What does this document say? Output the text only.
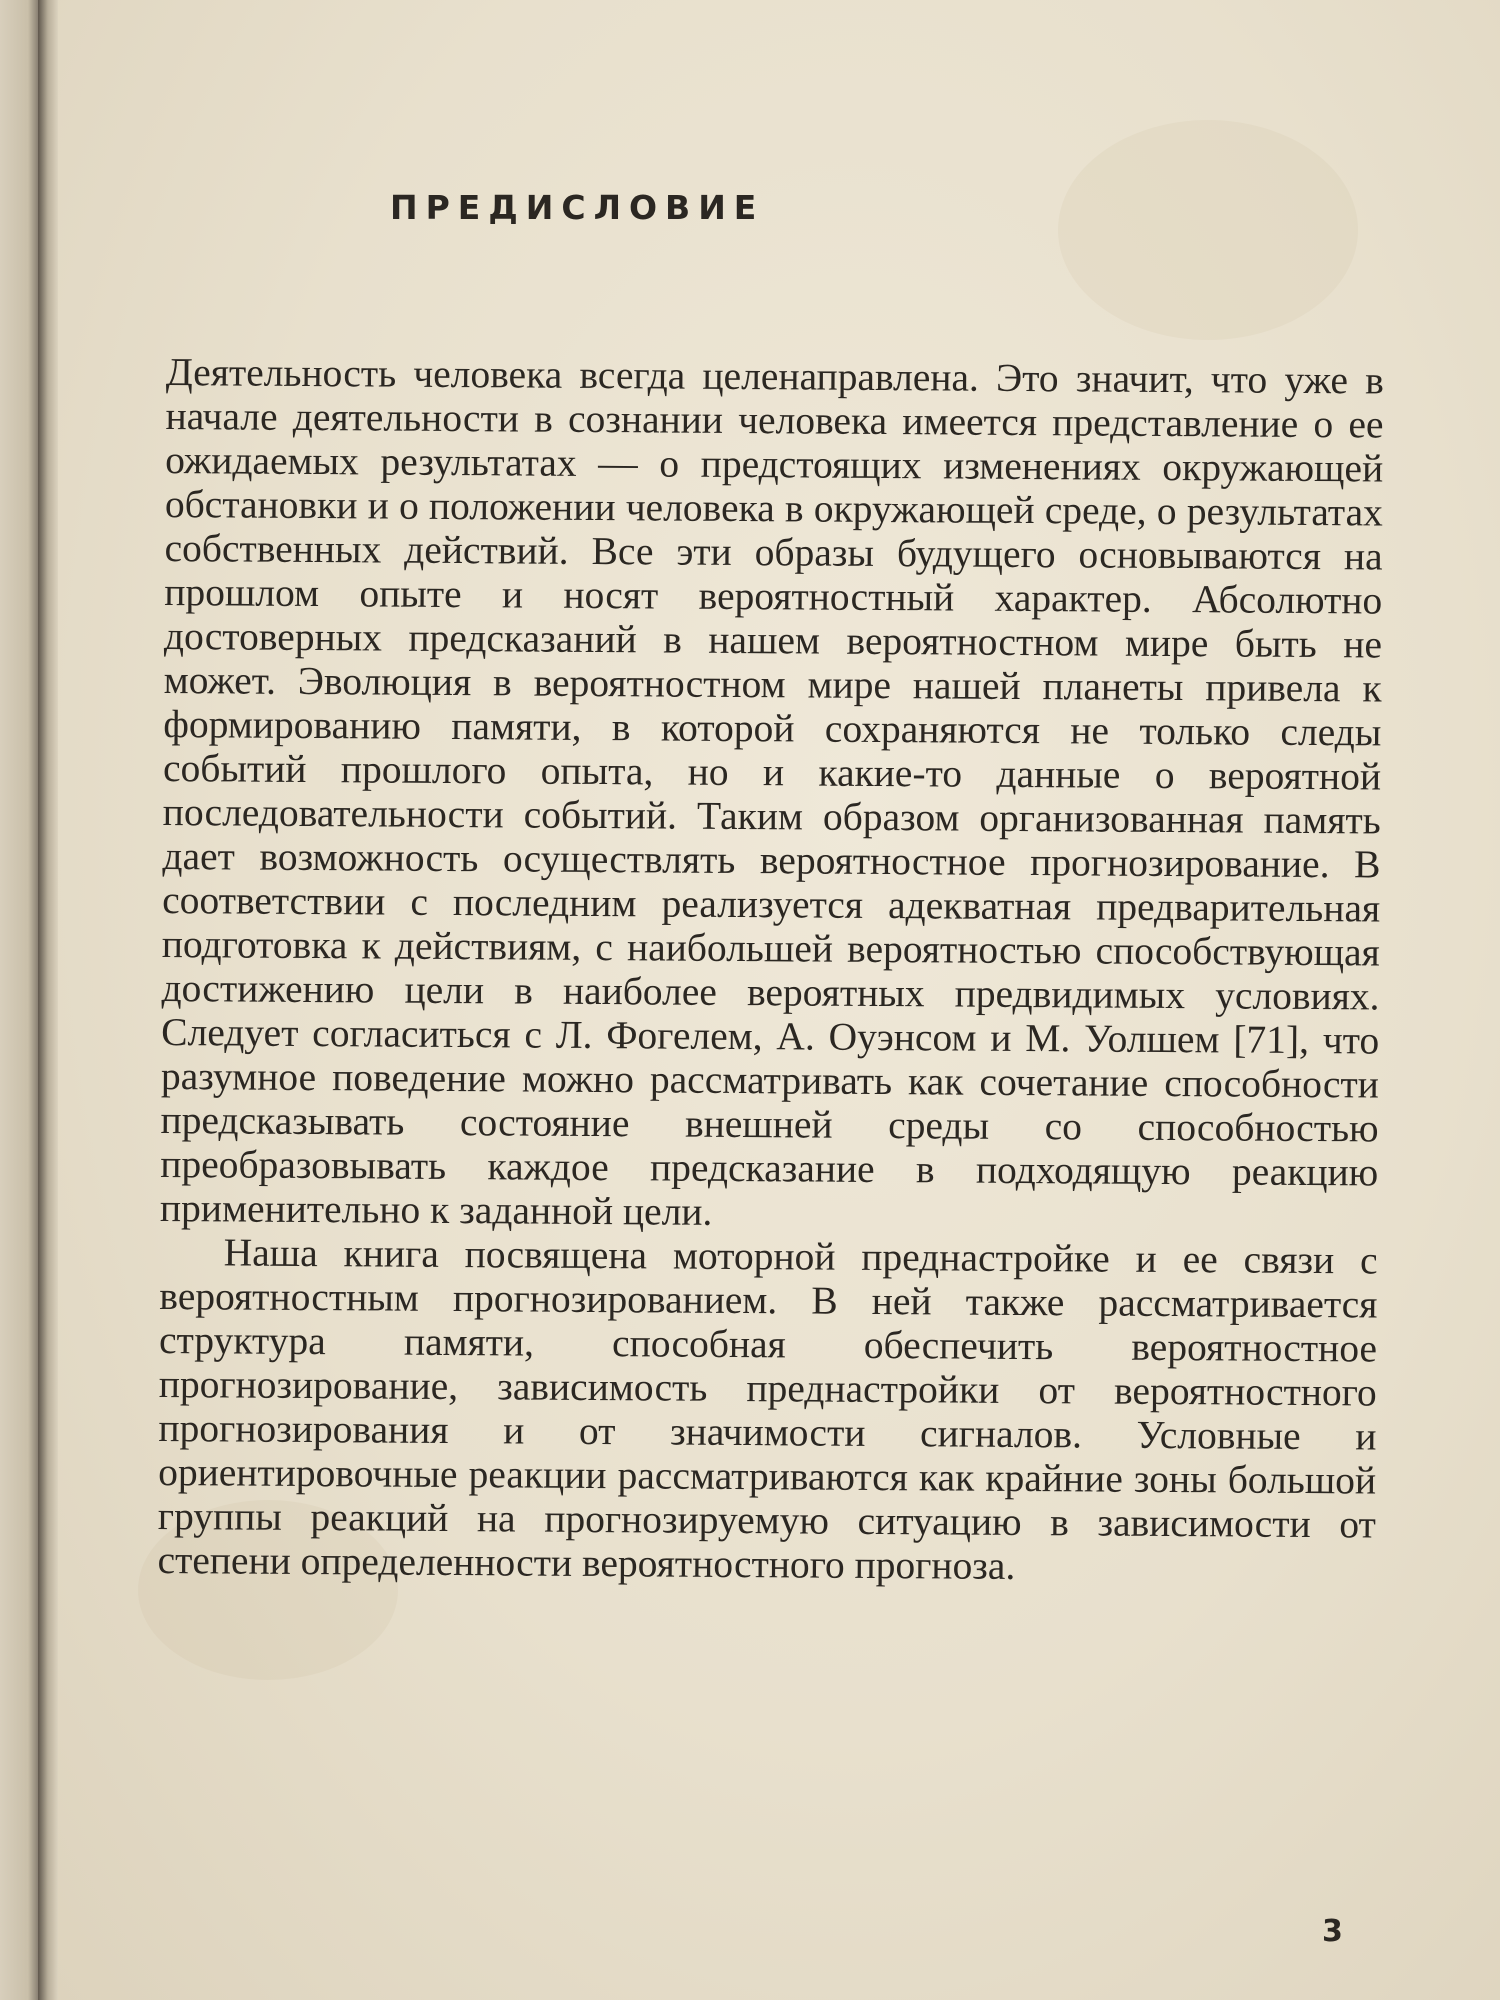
ПРЕДИСЛОВИЕ

Деятельность человека всегда целенаправлена. Это значит, что уже в начале деятельности в сознании человека имеется представление о ее ожидаемых результатах — о предстоящих изменениях окружающей обстановки и о положении человека в окружающей среде, о результатах собственных действий. Все эти образы будущего основываются на прошлом опыте и носят вероятностный характер. Абсолютно достоверных предсказаний в нашем вероятностном мире быть не может. Эволюция в вероятностном мире нашей планеты привела к формированию памяти, в которой сохраняются не только следы событий прошлого опыта, но и какие-то данные о вероятной последовательности событий. Таким образом организованная память дает возможность осуществлять вероятностное прогнозирование. В соответствии с последним реализуется адекватная предварительная подготовка к действиям, с наибольшей вероятностью способствующая достижению цели в наиболее вероятных предвидимых условиях. Следует согласиться с Л. Фогелем, А. Оуэнсом и М. Уолшем [71], что разумное поведение можно рассматривать как сочетание способности предсказывать состояние внешней среды со способностью преобразовывать каждое предсказание в подходящую реакцию применительно к заданной цели.

Наша книга посвящена моторной преднастройке и ее связи с вероятностным прогнозированием. В ней также рассматривается структура памяти, способная обеспечить вероятностное прогнозирование, зависимость преднастройки от вероятностного прогнозирования и от значимости сигналов. Условные и ориентировочные реакции рассматриваются как крайние зоны большой группы реакций на прогнозируемую ситуацию в зависимости от степени определенности вероятностного прогноза.

3
